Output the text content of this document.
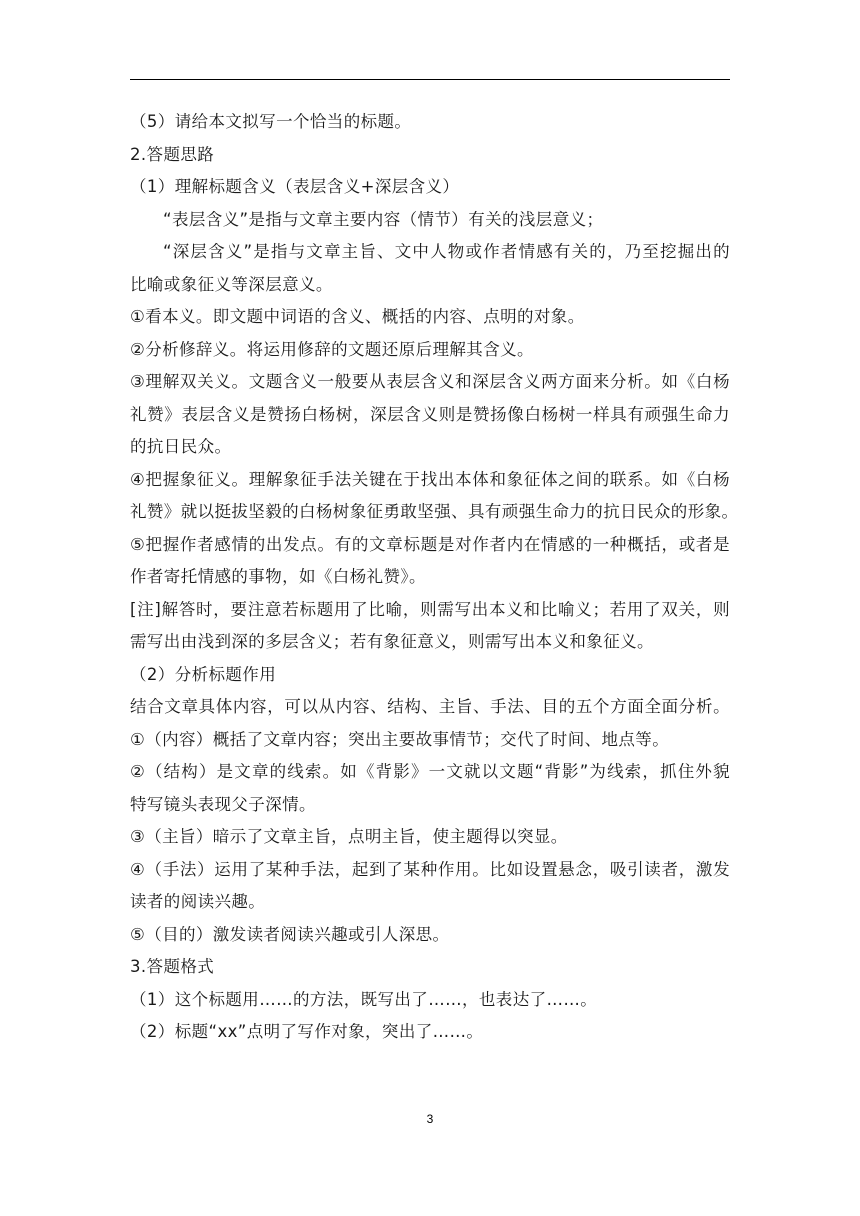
（5）请给本文拟写一个恰当的标题。
2.答题思路
（1）理解标题含义（表层含义+深层含义）
“表层含义”是指与文章主要内容（情节）有关的浅层意义；
“深层含义”是指与文章主旨、文中人物或作者情感有关的，乃至挖掘出的
比喻或象征义等深层意义。
①看本义。即文题中词语的含义、概括的内容、点明的对象。
②分析修辞义。将运用修辞的文题还原后理解其含义。
③理解双关义。文题含义一般要从表层含义和深层含义两方面来分析。如《白杨
礼赞》表层含义是赞扬白杨树，深层含义则是赞扬像白杨树一样具有顽强生命力
的抗日民众。
④把握象征义。理解象征手法关键在于找出本体和象征体之间的联系。如《白杨
礼赞》就以挺拔坚毅的白杨树象征勇敢坚强、具有顽强生命力的抗日民众的形象。
⑤把握作者感情的出发点。有的文章标题是对作者内在情感的一种概括，或者是
作者寄托情感的事物，如《白杨礼赞》。
[注]解答时，要注意若标题用了比喻，则需写出本义和比喻义；若用了双关，则
需写出由浅到深的多层含义；若有象征意义，则需写出本义和象征义。
（2）分析标题作用
结合文章具体内容，可以从内容、结构、主旨、手法、目的五个方面全面分析。
①（内容）概括了文章内容；突出主要故事情节；交代了时间、地点等。
②（结构）是文章的线索。如《背影》一文就以文题“背影”为线索，抓住外貌
特写镜头表现父子深情。
③（主旨）暗示了文章主旨，点明主旨，使主题得以突显。
④（手法）运用了某种手法，起到了某种作用。比如设置悬念，吸引读者，激发
读者的阅读兴趣。
⑤（目的）激发读者阅读兴趣或引人深思。
3.答题格式
（1）这个标题用……的方法，既写出了……，也表达了……。
（2）标题“xx”点明了写作对象，突出了……。
3
